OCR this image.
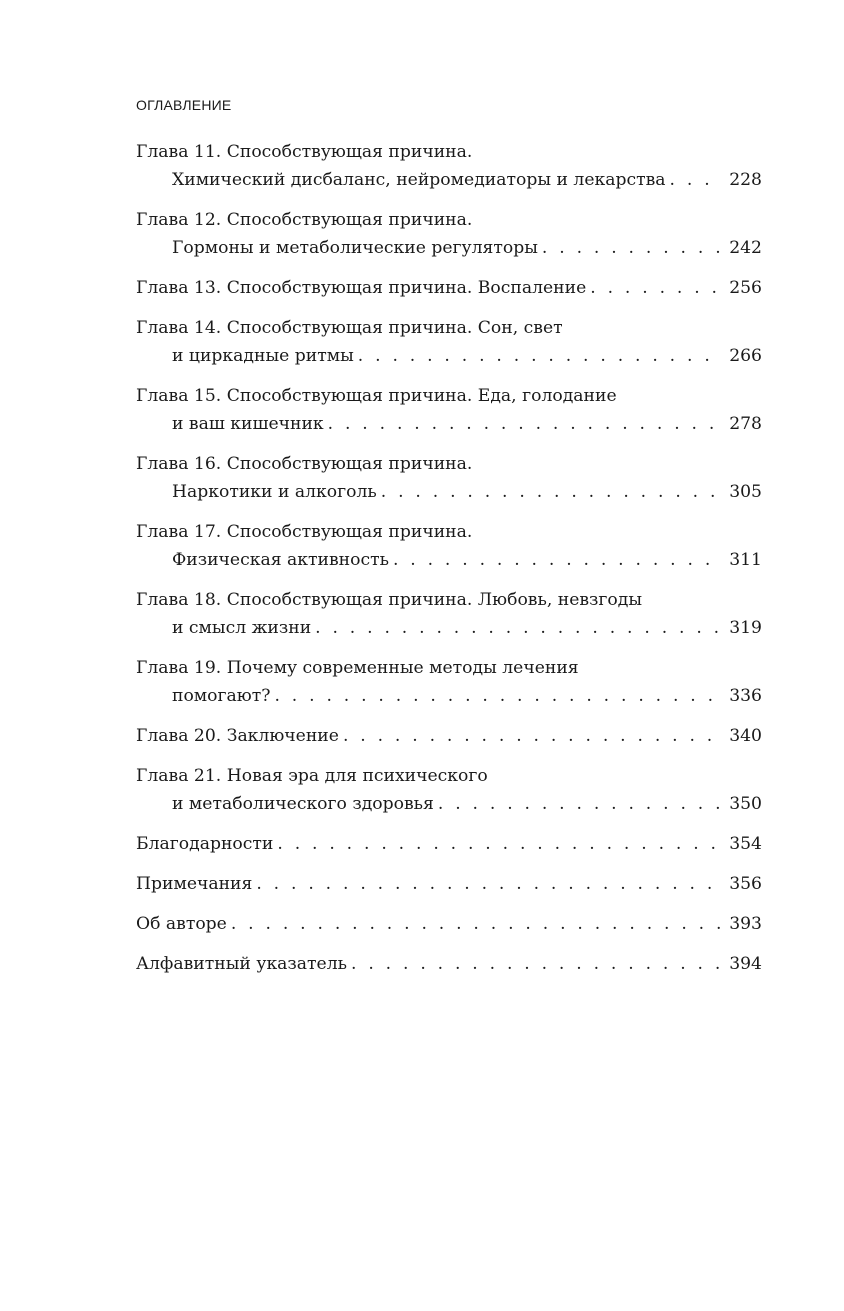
ОГЛАВЛЕНИЕ
Глава 11. Способствующая причина.
Химический дисбаланс, нейромедиаторы и лекарства . . .	228
Глава 12. Способствующая причина.
Гормоны и метаболические регуляторы . . .	242
Глава 13. Способствующая причина. Воспаление . . .	256
Глава 14. Способствующая причина. Сон, свет
и циркадные ритмы . . .	266
Глава 15. Способствующая причина. Еда, голодание
и ваш кишечник . . .	278
Глава 16. Способствующая причина.
Наркотики и алкоголь . . .	305
Глава 17. Способствующая причина.
Физическая активность . . .	311
Глава 18. Способствующая причина. Любовь, невзгоды
и смысл жизни . . .	319
Глава 19. Почему современные методы лечения
помогают? . . .	336
Глава 20. Заключение . . .	340
Глава 21. Новая эра для психического
и метаболического здоровья . . .	350
Благодарности . . .	354
Примечания . . .	356
Об авторе . . .	393
Алфавитный указатель . . .	394
